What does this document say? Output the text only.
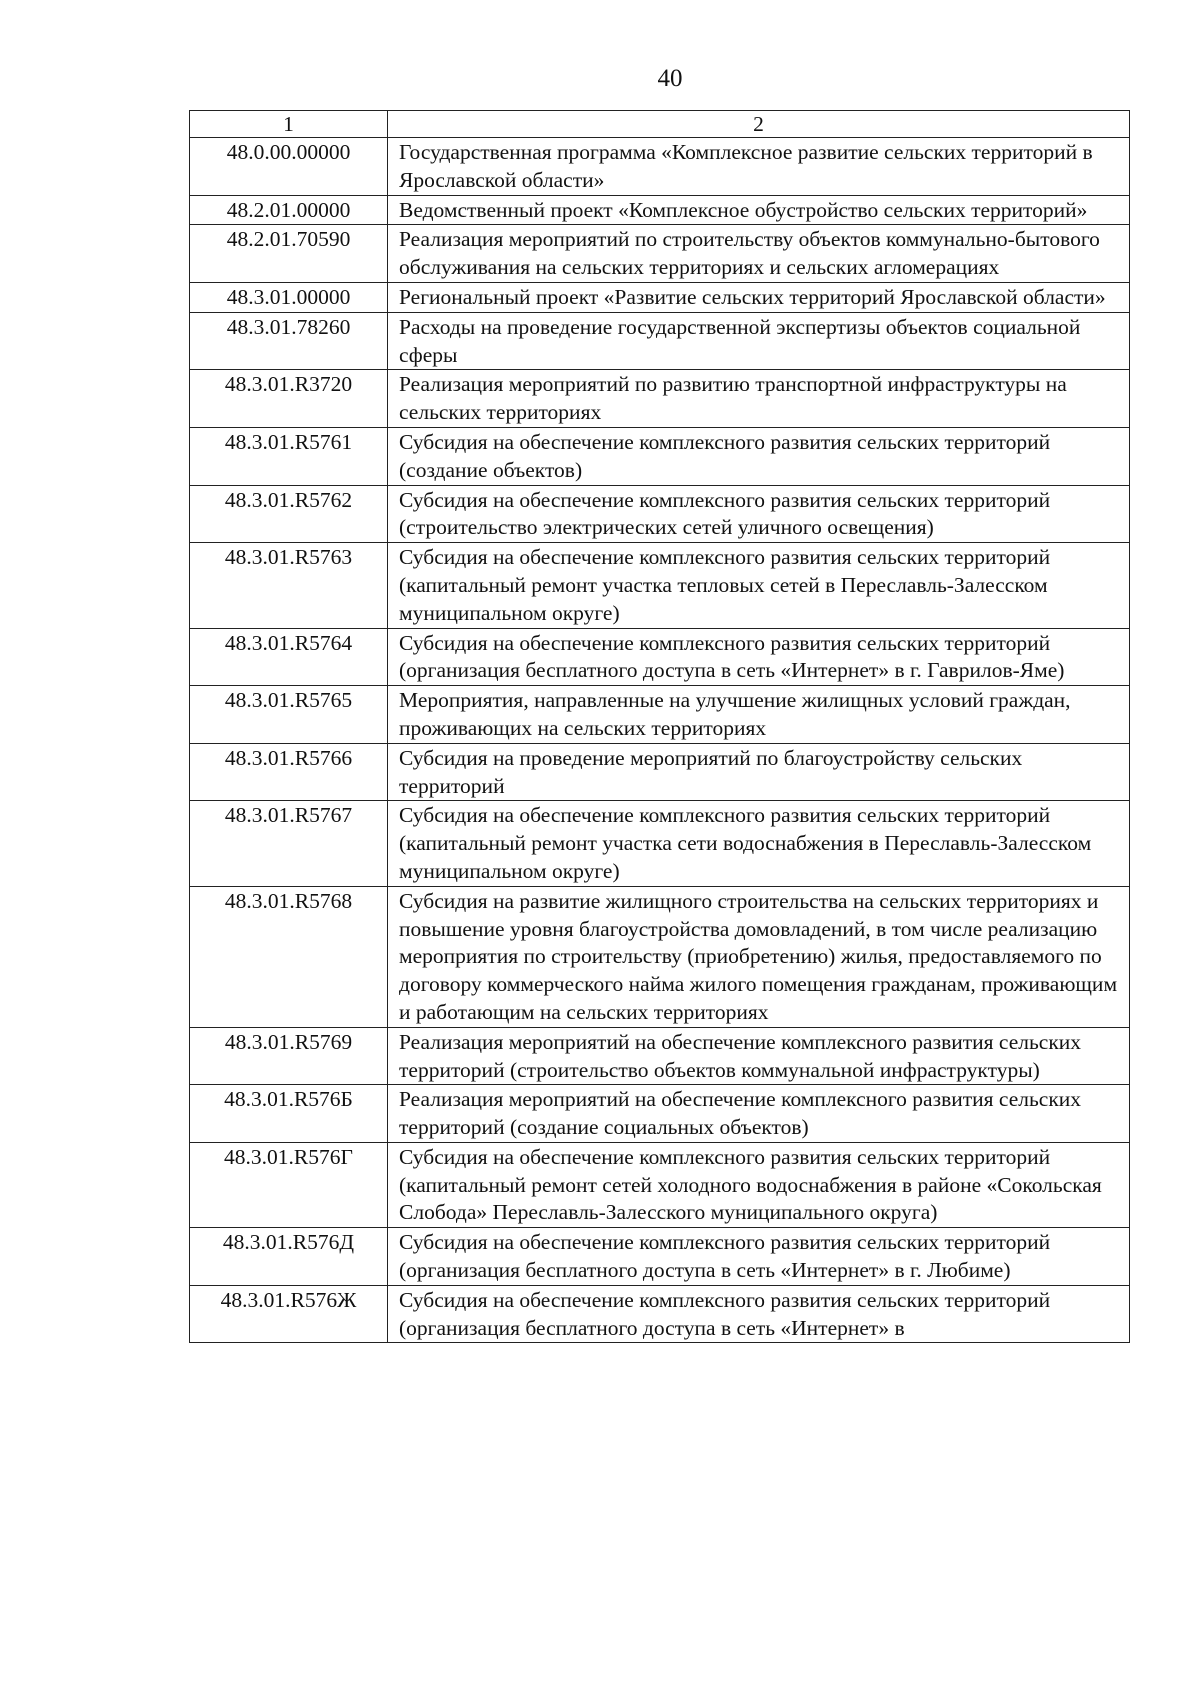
40
1	2
48.0.00.00000	Государственная программа «Комплексное развитие сельских территорий в Ярославской области»
48.2.01.00000	Ведомственный проект «Комплексное обустройство сельских территорий»
48.2.01.70590	Реализация мероприятий по строительству объектов коммунально-бытового обслуживания на сельских территориях и сельских агломерациях
48.3.01.00000	Региональный проект «Развитие сельских территорий Ярославской области»
48.3.01.78260	Расходы на проведение государственной экспертизы объектов социальной сферы
48.3.01.R3720	Реализация мероприятий по развитию транспортной инфраструктуры на сельских территориях
48.3.01.R5761	Субсидия на обеспечение комплексного развития сельских территорий (создание объектов)
48.3.01.R5762	Субсидия на обеспечение комплексного развития сельских территорий (строительство электрических сетей уличного освещения)
48.3.01.R5763	Субсидия на обеспечение комплексного развития сельских территорий (капитальный ремонт участка тепловых сетей в Переславль-Залесском муниципальном округе)
48.3.01.R5764	Субсидия на обеспечение комплексного развития сельских территорий (организация бесплатного доступа в сеть «Интернет» в г. Гаврилов-Яме)
48.3.01.R5765	Мероприятия, направленные на улучшение жилищных условий граждан, проживающих на сельских территориях
48.3.01.R5766	Субсидия на проведение мероприятий по благоустройству сельских территорий
48.3.01.R5767	Субсидия на обеспечение комплексного развития сельских территорий (капитальный ремонт участка сети водоснабжения в Переславль-Залесском муниципальном округе)
48.3.01.R5768	Субсидия на развитие жилищного строительства на сельских территориях и повышение уровня благоустройства домовладений, в том числе реализацию мероприятия по строительству (приобретению) жилья, предоставляемого по договору коммерческого найма жилого помещения гражданам, проживающим и работающим на сельских территориях
48.3.01.R5769	Реализация мероприятий на обеспечение комплексного развития сельских территорий (строительство объектов коммунальной инфраструктуры)
48.3.01.R576Б	Реализация мероприятий на обеспечение комплексного развития сельских территорий (создание социальных объектов)
48.3.01.R576Г	Субсидия на обеспечение комплексного развития сельских территорий (капитальный ремонт сетей холодного водоснабжения в районе «Сокольская Слобода» Переславль-Залесского муниципального округа)
48.3.01.R576Д	Субсидия на обеспечение комплексного развития сельских территорий (организация бесплатного доступа в сеть «Интернет» в г. Любиме)
48.3.01.R576Ж	Субсидия на обеспечение комплексного развития сельских территорий (организация бесплатного доступа в сеть «Интернет» в
